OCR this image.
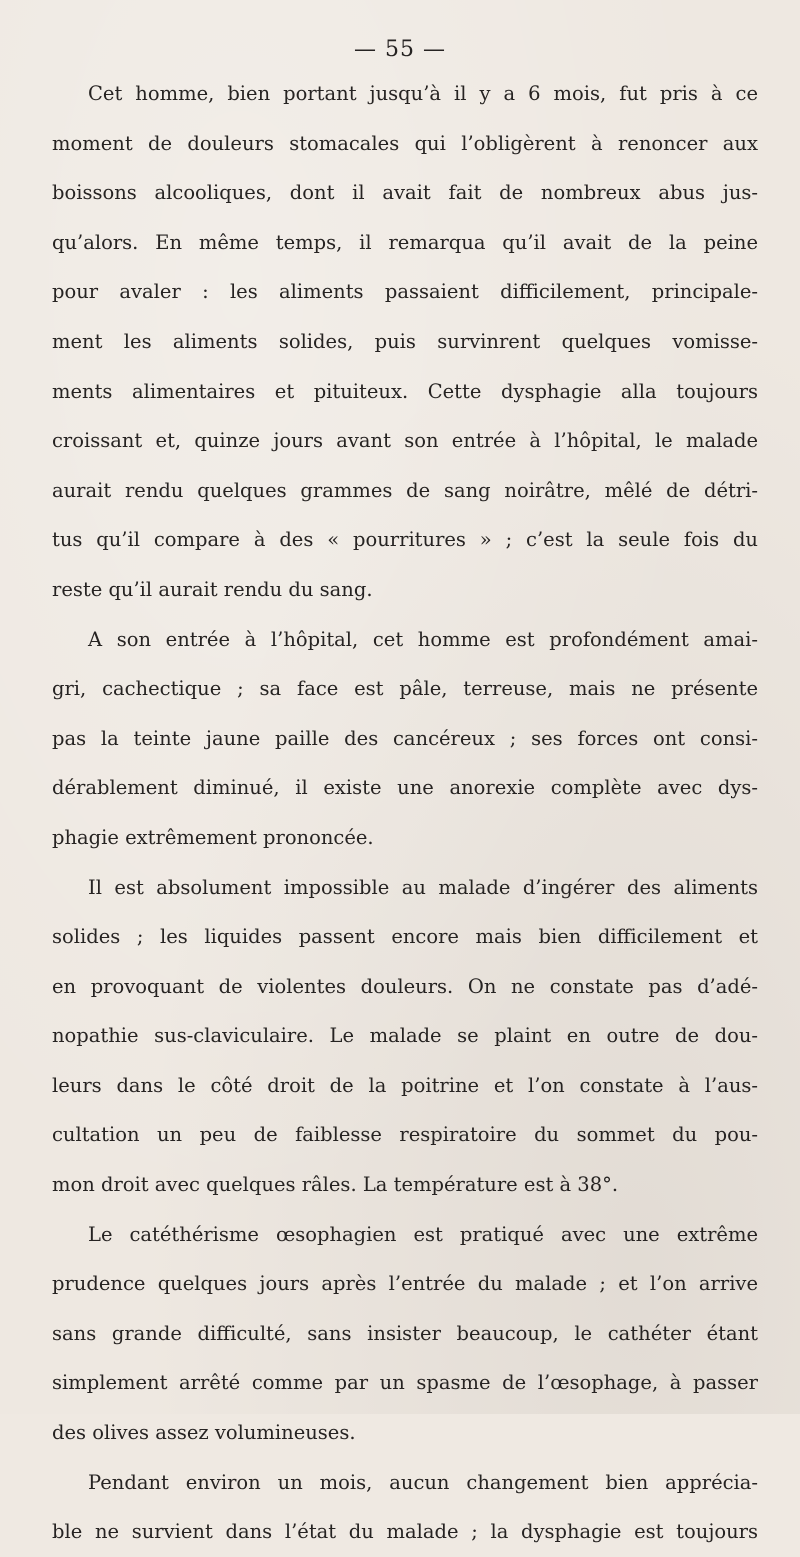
— 55 —
Cet homme, bien portant jusqu’à il y a 6 mois, fut pris à ce
moment de douleurs stomacales qui l’obligèrent à renoncer aux
boissons alcooliques, dont il avait fait de nombreux abus jus-
qu’alors. En même temps, il remarqua qu’il avait de la peine
pour avaler : les aliments passaient difficilement, principale-
ment les aliments solides, puis survinrent quelques vomisse-
ments alimentaires et pituiteux. Cette dysphagie alla toujours
croissant et, quinze jours avant son entrée à l’hôpital, le malade
aurait rendu quelques grammes de sang noirâtre, mêlé de détri-
tus qu’il compare à des « pourritures » ; c’est la seule fois du
reste qu’il aurait rendu du sang.
A son entrée à l’hôpital, cet homme est profondément amai-
gri, cachectique ; sa face est pâle, terreuse, mais ne présente
pas la teinte jaune paille des cancéreux ; ses forces ont consi-
dérablement diminué, il existe une anorexie complète avec dys-
phagie extrêmement prononcée.
Il est absolument impossible au malade d’ingérer des aliments
solides ; les liquides passent encore mais bien difficilement et
en provoquant de violentes douleurs. On ne constate pas d’adé-
nopathie sus-claviculaire. Le malade se plaint en outre de dou-
leurs dans le côté droit de la poitrine et l’on constate à l’aus-
cultation un peu de faiblesse respiratoire du sommet du pou-
mon droit avec quelques râles. La température est à 38°.
Le catéthérisme œsophagien est pratiqué avec une extrême
prudence quelques jours après l’entrée du malade ; et l’on arrive
sans grande difficulté, sans insister beaucoup, le cathéter étant
simplement arrêté comme par un spasme de l’œsophage, à passer
des olives assez volumineuses.
Pendant environ un mois, aucun changement bien apprécia-
ble ne survient dans l’état du malade ; la dysphagie est toujours
